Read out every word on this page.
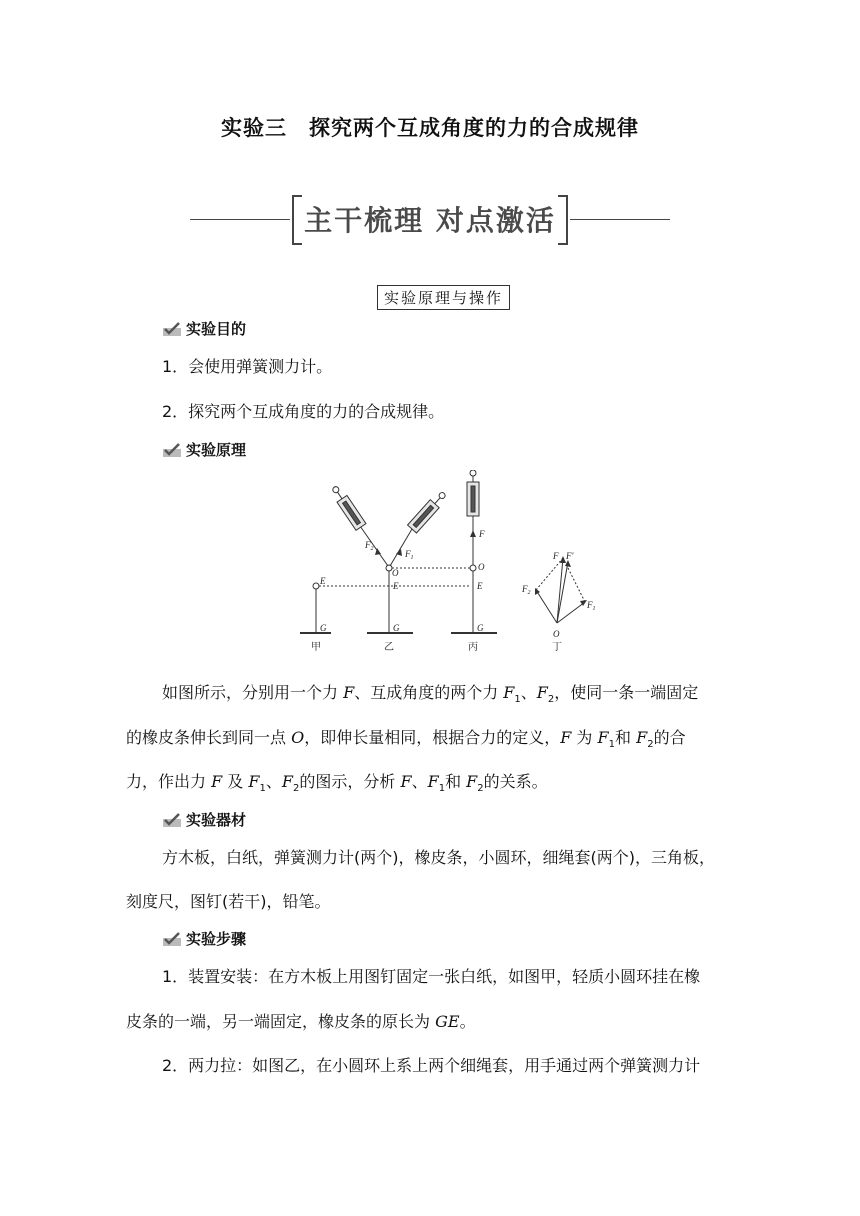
实验三　探究两个互成角度的力的合成规律
主干梳理 对点激活
实验原理与操作
实验目的
1．会使用弹簧测力计。
2．探究两个互成角度的力的合成规律。
实验原理
E	E	E
G	G	G
O
O
O
F
F F'
$F_2$	$F_1$
$F_2$
$F_1$
甲	乙	丙	丁
如图所示，分别用一个力 F、互成角度的两个力 $F_1$、$F_2$，使同一条一端固定
的橡皮条伸长到同一点 O，即伸长量相同，根据合力的定义，F 为 $F_1$和 $F_2$的合
力，作出力 F 及 $F_1$、$F_2$的图示，分析 F、$F_1$和 $F_2$的关系。
实验器材
方木板，白纸，弹簧测力计(两个)，橡皮条，小圆环，细绳套(两个)，三角板，
刻度尺，图钉(若干)，铅笔。
实验步骤
1．装置安装：在方木板上用图钉固定一张白纸，如图甲，轻质小圆环挂在橡
皮条的一端，另一端固定，橡皮条的原长为 GE。
2．两力拉：如图乙，在小圆环上系上两个细绳套，用手通过两个弹簧测力计
